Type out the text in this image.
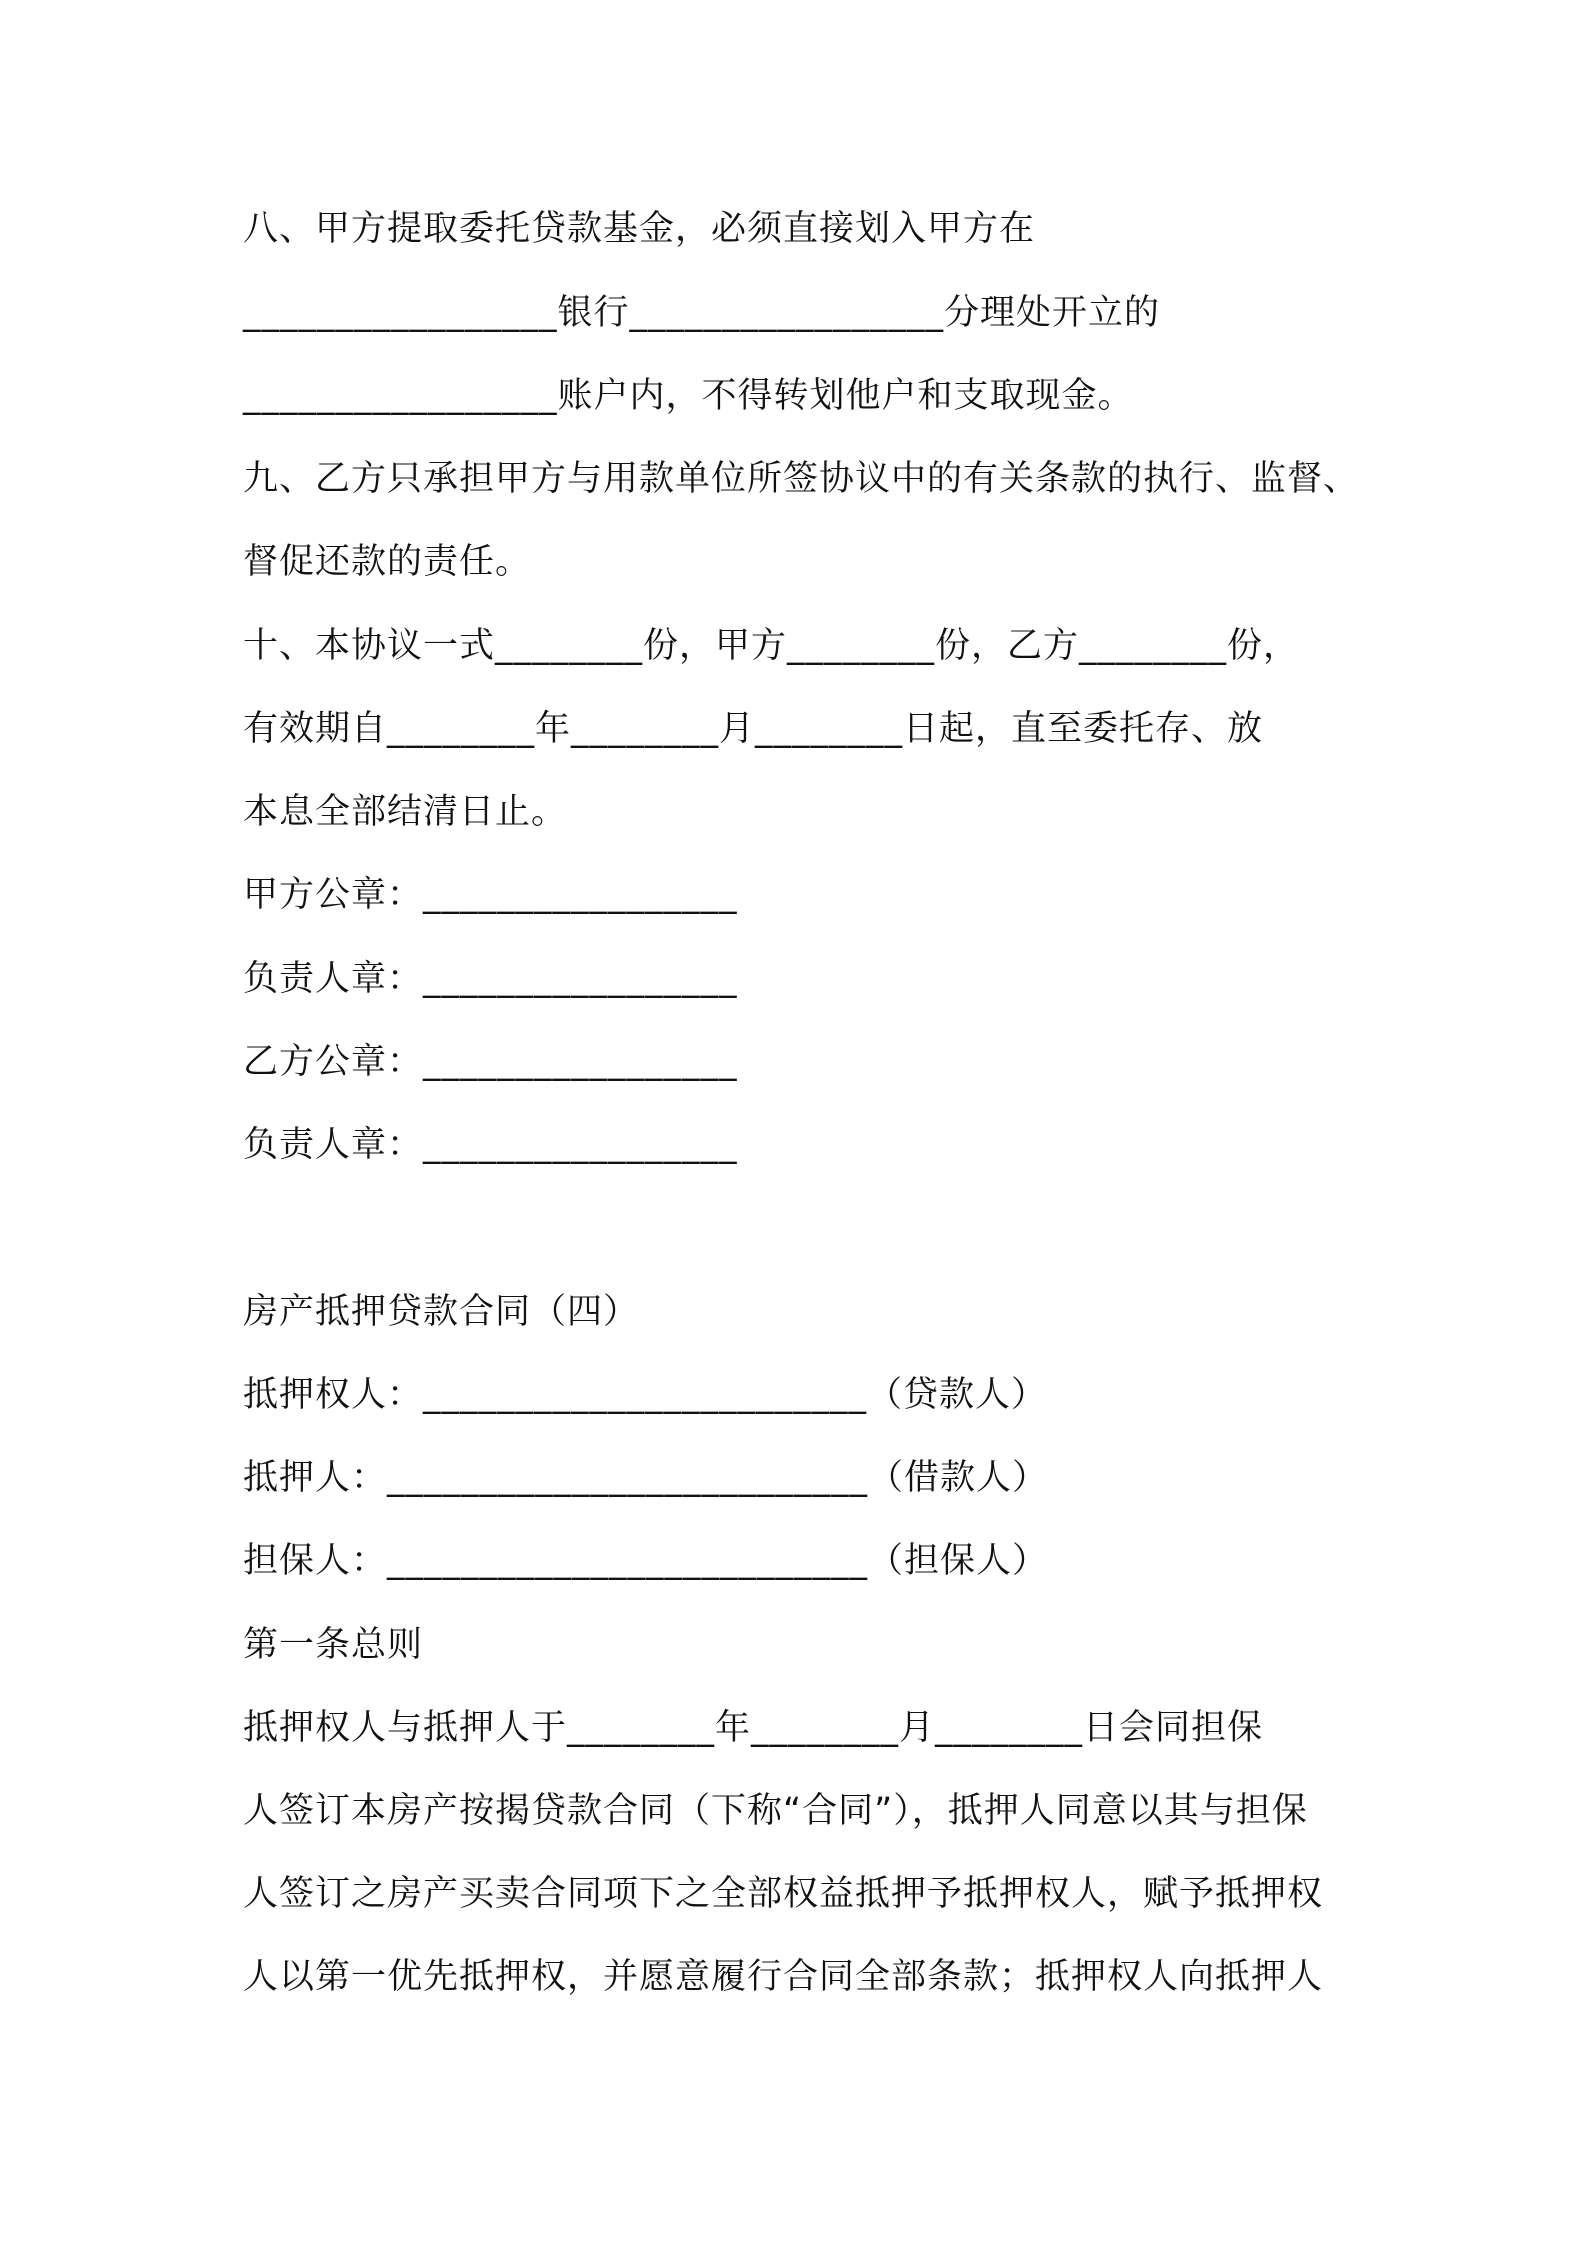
八、甲方提取委托贷款基金，必须直接划入甲方在
_________________银行_________________分理处开立的
_________________账户内，不得转划他户和支取现金。
九、乙方只承担甲方与用款单位所签协议中的有关条款的执行、监督、
督促还款的责任。
十、本协议一式________份，甲方________份，乙方________份，
有效期自________年________月________日起，直至委托存、放
本息全部结清日止。
甲方公章：_________________
负责人章：_________________
乙方公章：_________________
负责人章：_________________
房产抵押贷款合同（四）
抵押权人：________________________（贷款人）
抵押人：__________________________（借款人）
担保人：__________________________（担保人）
第一条总则
抵押权人与抵押人于________年________月________日会同担保
人签订本房产按揭贷款合同（下称“合同”），抵押人同意以其与担保
人签订之房产买卖合同项下之全部权益抵押予抵押权人，赋予抵押权
人以第一优先抵押权，并愿意履行合同全部条款；抵押权人向抵押人
